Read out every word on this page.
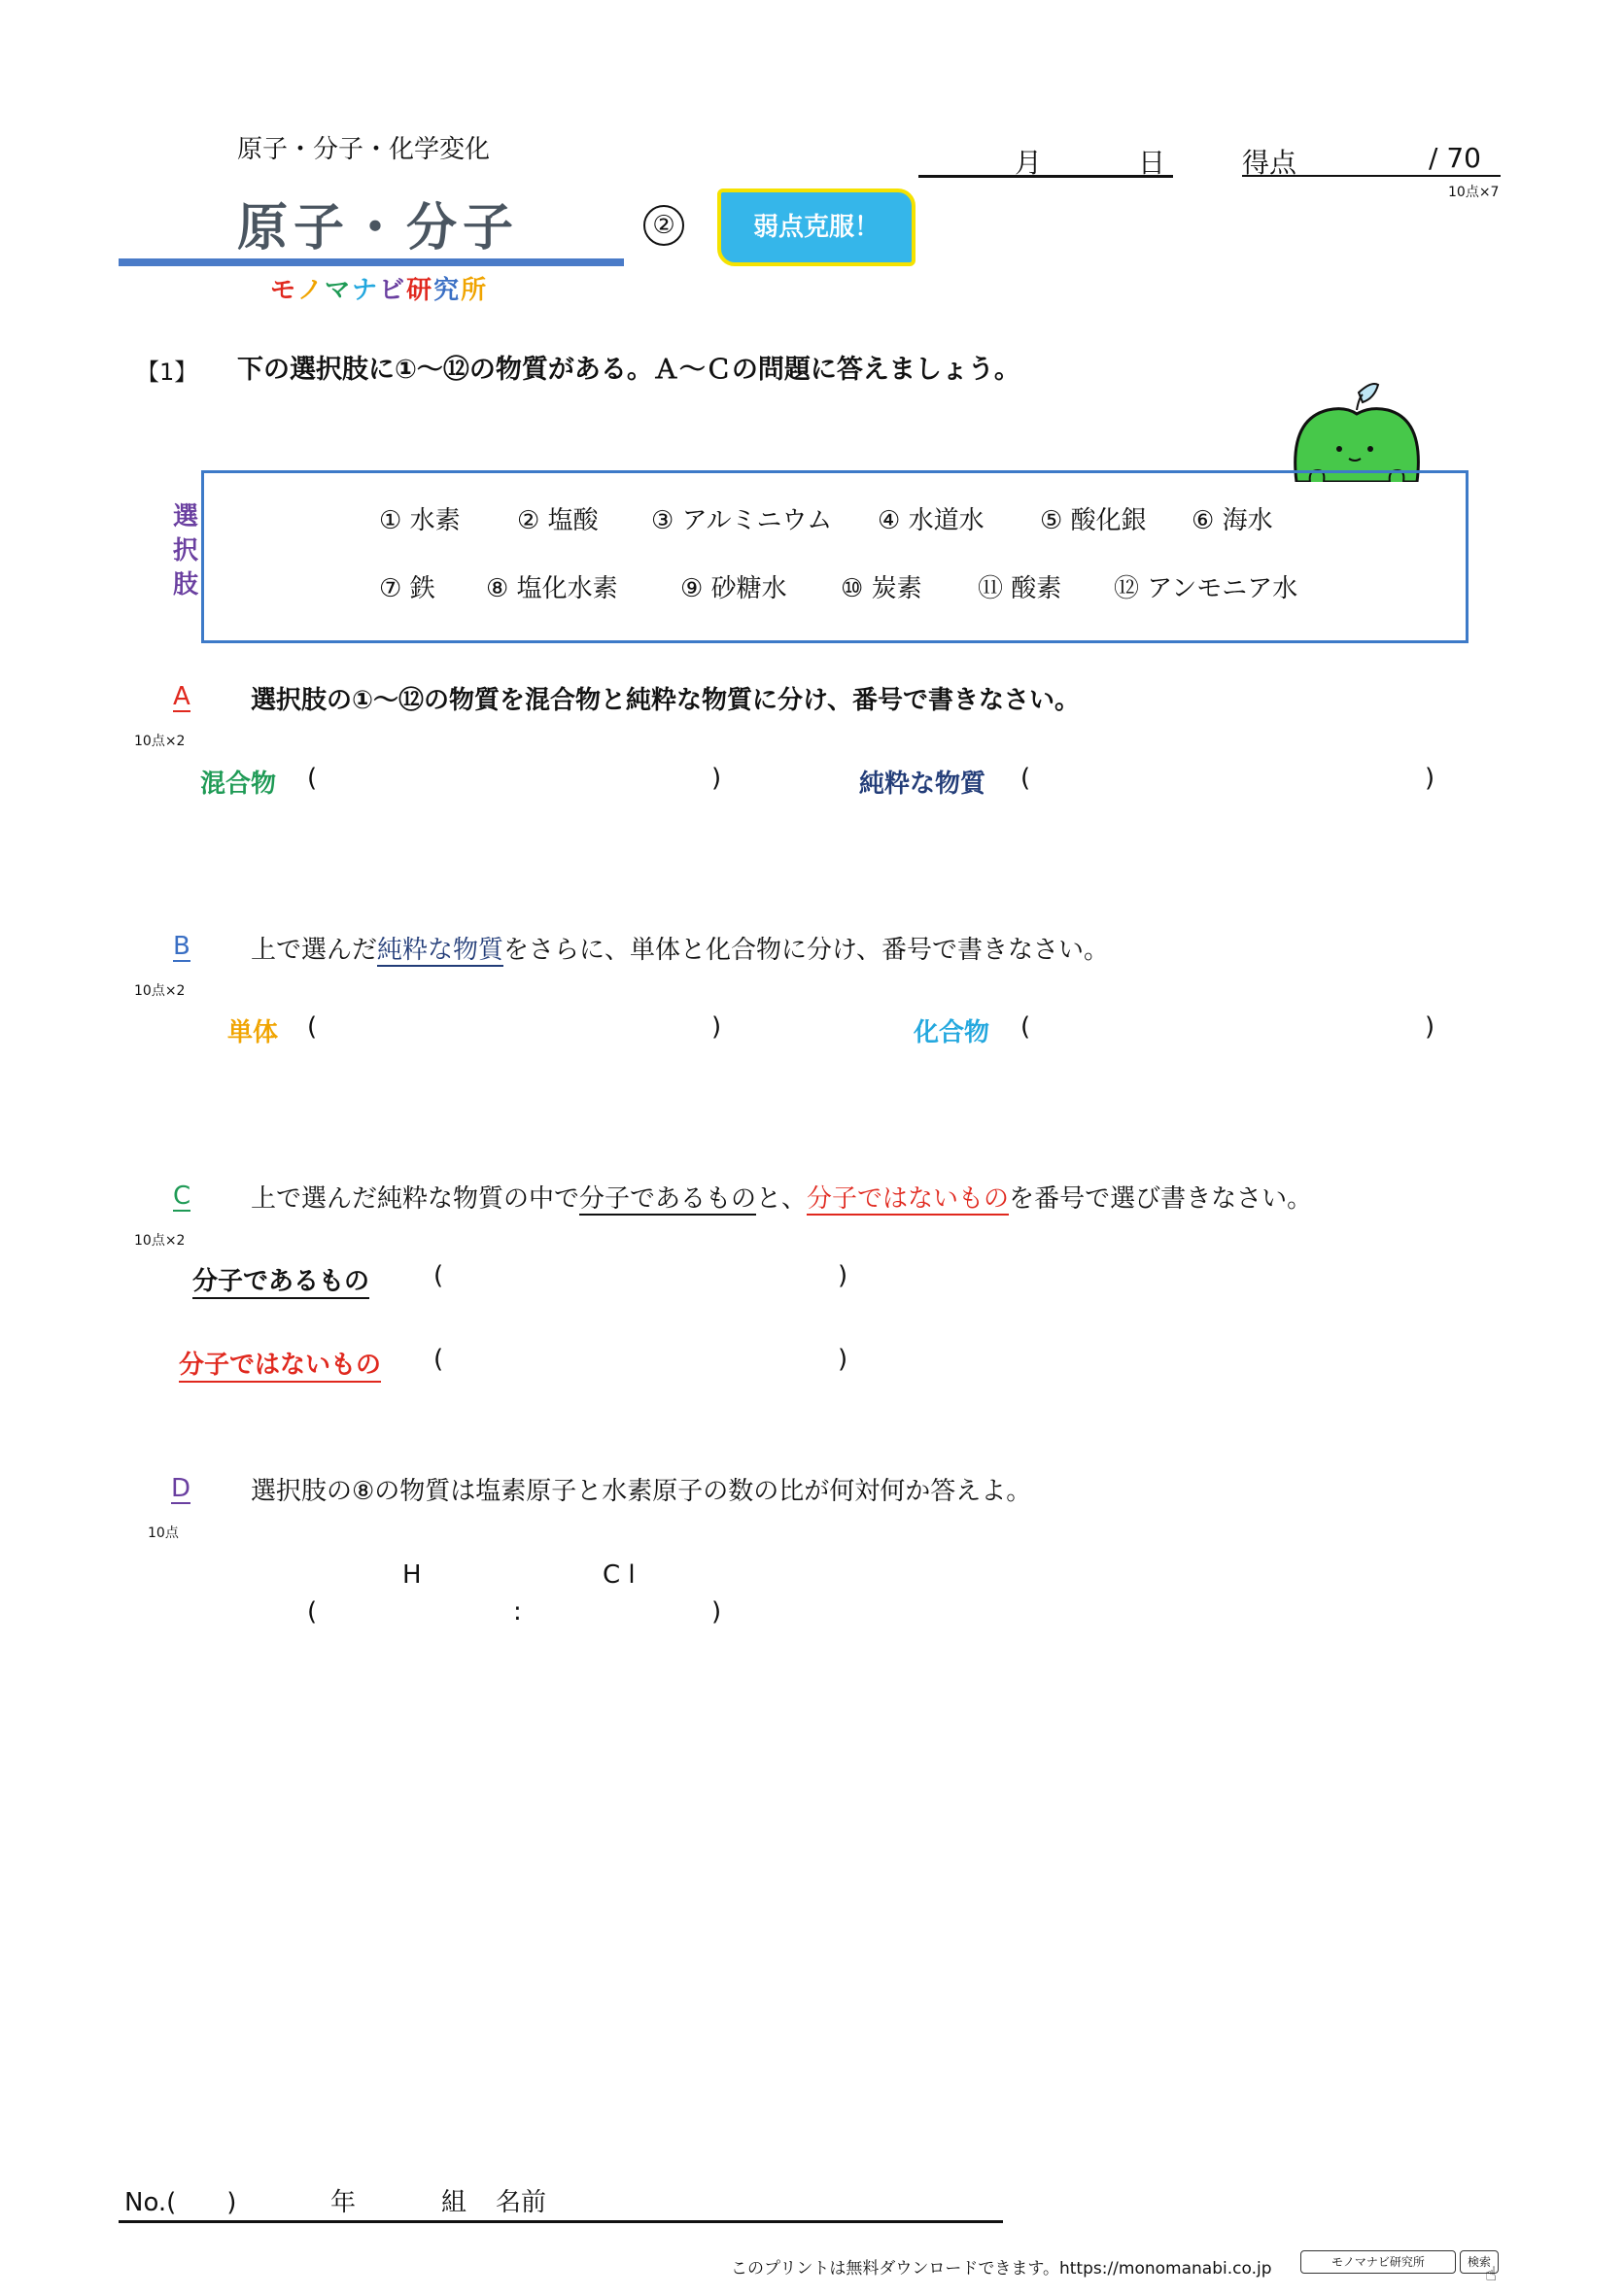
原子・分子・化学変化
原子・分子
モノマナビ研究所
②	弱点克服！
月	日	得点	/ 70
10点×7
【1】 下の選択肢に①～⑫の物質がある。Ａ～Ｃの問題に答えましょう。
選択肢
① 水素 ② 塩酸 ③ アルミニウム ④ 水道水 ⑤ 酸化銀 ⑥ 海水
⑦ 鉄 ⑧ 塩化水素 ⑨ 砂糖水 ⑩ 炭素 ⑪ 酸素 ⑫ アンモニア水
A
10点×2
選択肢の①～⑫の物質を混合物と純粋な物質に分け、番号で書きなさい。
混合物 (	)	純粋な物質 (	)
B
10点×2
上で選んだ純粋な物質をさらに、単体と化合物に分け、番号で書きなさい。
単体 (	)	化合物 (	)
C
10点×2
上で選んだ純粋な物質の中で分子であるものと、分子ではないものを番号で選び書きなさい。
分子であるもの	(	)
分子ではないもの (	)
D
10点
選択肢の⑧の物質は塩素原子と水素原子の数の比が何対何か答えよ。
H	C l
(	:	)
No.(　　)	年	組 名前
このプリントは無料ダウンロードできます。https://monomanabi.co.jp	モノマナビ研究所	検索
☝
